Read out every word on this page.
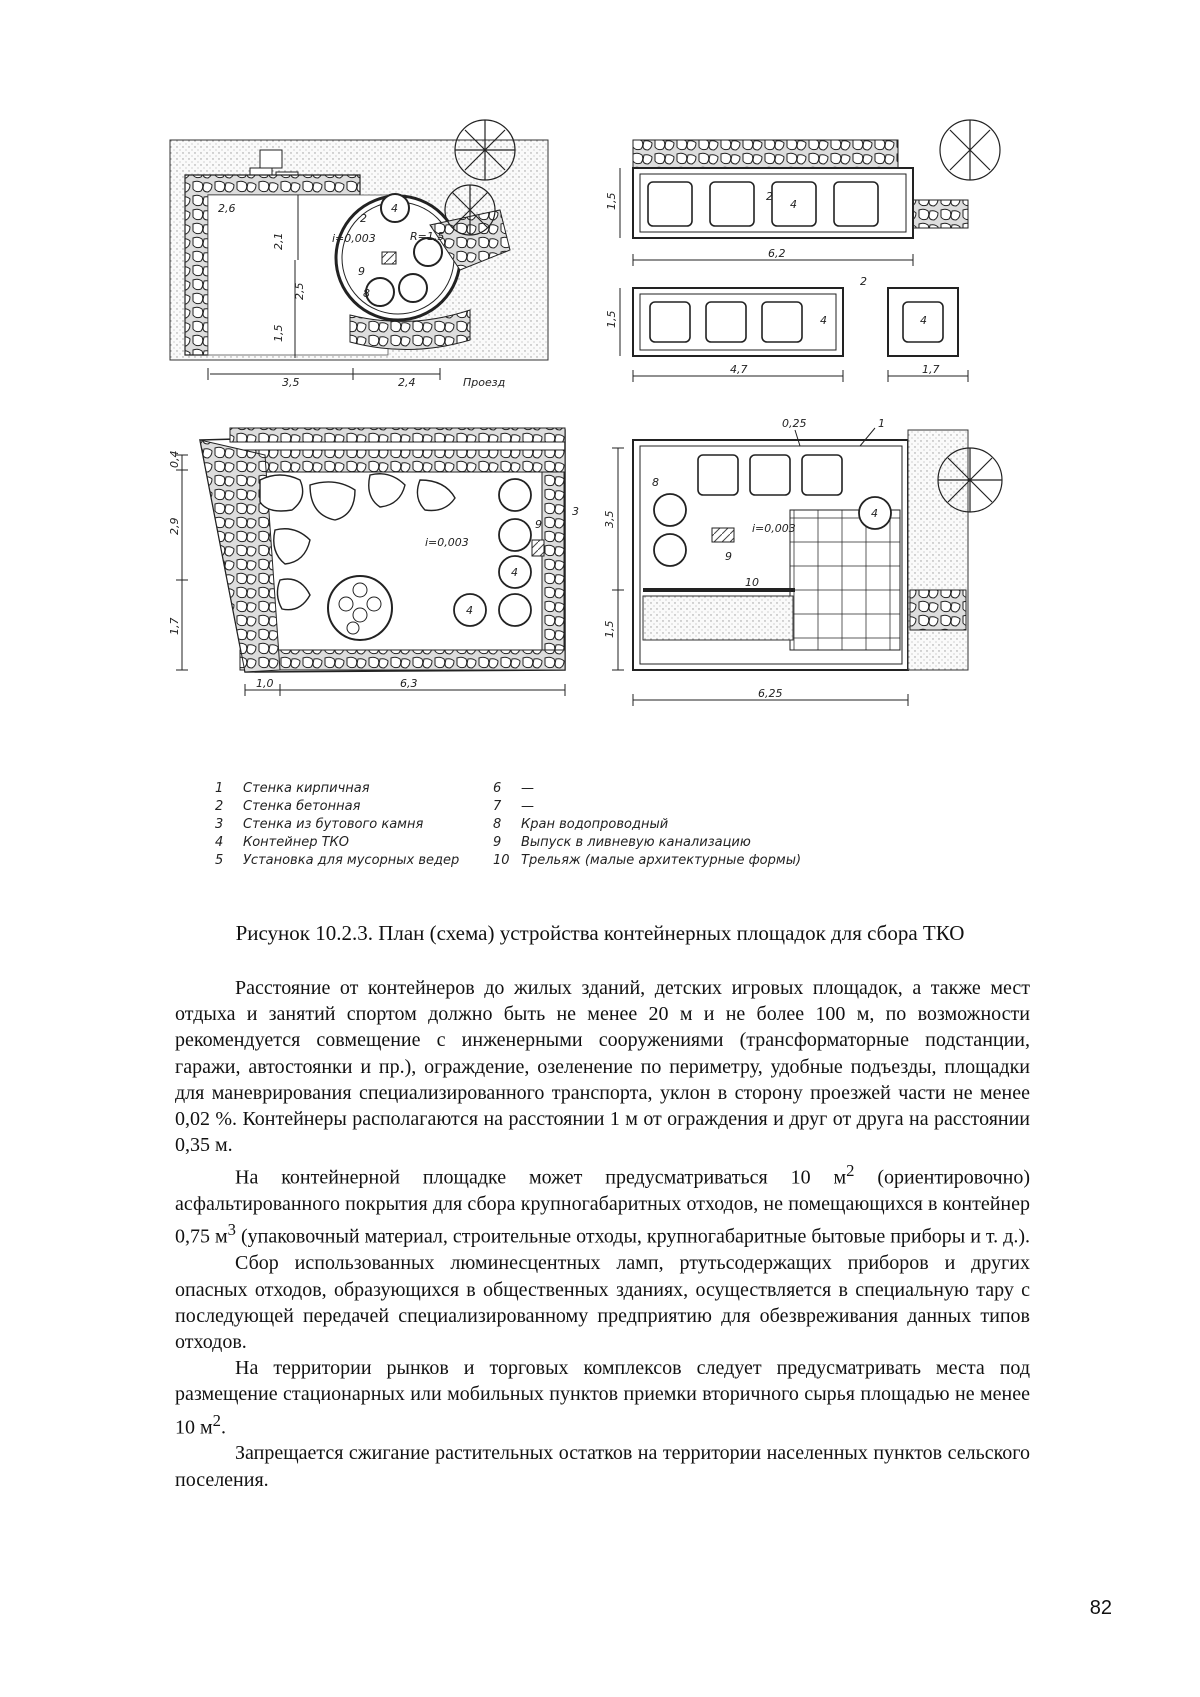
2,6
2,1
2,5
1,5
3,5	2,4
R=1,5
i=0,003
Проезд
4
2
9
8
1,5
6,2
1,5
4,7	1,7
2
4
4
2
4
0,4
2,9
1,7
1,0	6,3
i=0,003
3
9
4
4
0,25
3,5
1,5
6,25
i=0,003
1
8
4
9
10
1	Стенка кирпичная
2	Стенка бетонная
3	Стенка из бутового камня
4	Контейнер ТКО
5	Установка для мусорных ведер
6	—
7	—
8	Кран водопроводный
9	Выпуск в ливневую канализацию
10 Трельяж (малые архитектурные формы)
Рисунок 10.2.3. План (схема) устройства контейнерных площадок для сбора ТКО

Расстояние от контейнеров до жилых зданий, детских игровых площадок, а также мест отдыха и занятий спортом должно быть не менее 20 м и не более 100 м, по возможности рекомендуется совмещение с инженерными сооружениями (трансформаторные подстанции, гаражи, автостоянки и пр.), ограждение, озеленение по периметру, удобные подъезды, площадки для маневрирования специализированного транспорта, уклон в сторону проезжей части не менее 0,02 %. Контейнеры располагаются на расстоянии 1 м от ограждения и друг от друга на расстоянии 0,35 м.

На контейнерной площадке может предусматриваться 10 $м^2$ (ориентировочно) асфальтированного покрытия для сбора крупногабаритных отходов, не помещающихся в контейнер 0,75 $м^3$ (упаковочный материал, строительные отходы, крупногабаритные бытовые приборы и т. д.).

Сбор использованных люминесцентных ламп, ртутьсодержащих приборов и других опасных отходов, образующихся в общественных зданиях, осуществляется в специальную тару с последующей передачей специализированному предприятию для обезвреживания данных типов отходов.

На территории рынков и торговых комплексов следует предусматривать места под размещение стационарных или мобильных пунктов приемки вторичного сырья площадью не менее 10 $м^2$.

Запрещается сжигание растительных остатков на территории населенных пунктов сельского поселения.

82
